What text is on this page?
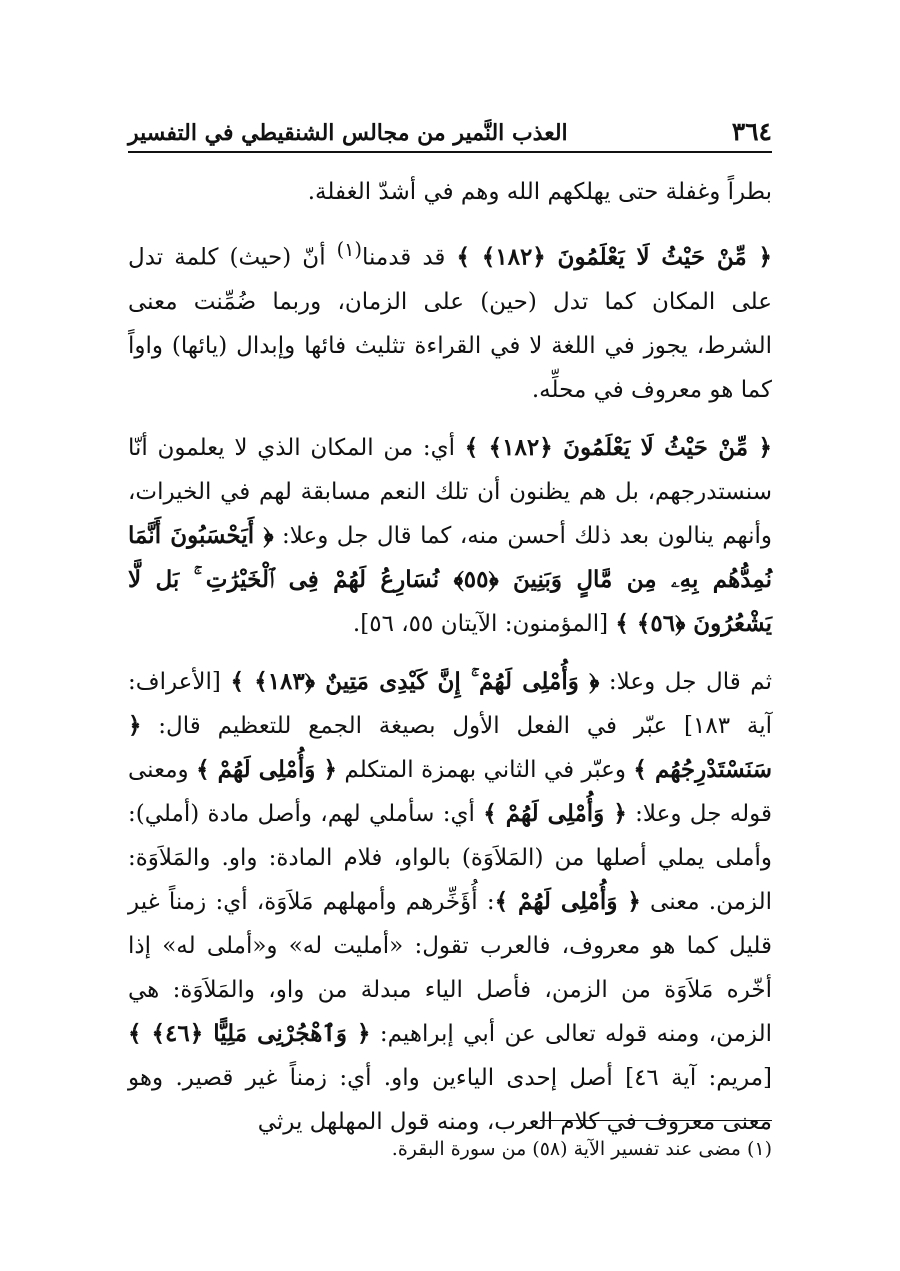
٣٦٤
العذب النَّمير من مجالس الشنقيطي في التفسير

بطراً وغفلة حتى يهلكهم الله وهم في أشدّ الغفلة.

﴿ مِّنْ حَيْثُ لَا يَعْلَمُونَ ﴿١٨٢﴾ ﴾ قد قدمنا$^{(١)}$ أنّ (حيث) كلمة تدل على المكان كما تدل (حين) على الزمان، وربما ضُمِّنت معنى الشرط، يجوز في اللغة لا في القراءة تثليث فائها وإبدال (يائها) واواً كما هو معروف في محلِّه.

﴿ مِّنْ حَيْثُ لَا يَعْلَمُونَ ﴿١٨٢﴾ ﴾ أي: من المكان الذي لا يعلمون أنّا سنستدرجهم، بل هم يظنون أن تلك النعم مسابقة لهم في الخيرات، وأنهم ينالون بعد ذلك أحسن منه، كما قال جل وعلا: ﴿ أَيَحْسَبُونَ أَنَّمَا نُمِدُّهُم بِهِۦ مِن مَّالٍ وَبَنِينَ ﴿٥٥﴾ نُسَارِعُ لَهُمْ فِى ٱلْخَيْرَٰتِ ۚ بَل لَّا يَشْعُرُونَ ﴿٥٦﴾ ﴾ [المؤمنون: الآيتان ٥٥، ٥٦].

ثم قال جل وعلا: ﴿ وَأُمْلِى لَهُمْ ۚ إِنَّ كَيْدِى مَتِينٌ ﴿١٨٣﴾ ﴾ [الأعراف: آية ١٨٣] عبّر في الفعل الأول بصيغة الجمع للتعظيم قال: ﴿ سَنَسْتَدْرِجُهُم ﴾ وعبّر في الثاني بهمزة المتكلم ﴿ وَأُمْلِى لَهُمْ ﴾ ومعنى قوله جل وعلا: ﴿ وَأُمْلِى لَهُمْ ﴾ أي: سأملي لهم، وأصل مادة (أملي): وأملى يملي أصلها من (المَلاَوَة) بالواو، فلام المادة: واو. والمَلاَوَة: الزمن. معنى ﴿ وَأُمْلِى لَهُمْ ﴾: أُؤَخِّرهم وأمهلهم مَلاَوَة، أي: زمناً غير قليل كما هو معروف، فالعرب تقول: «أمليت له» و«أملى له» إذا أخّره مَلاَوَة من الزمن، فأصل الياء مبدلة من واو، والمَلاَوَة: هي الزمن، ومنه قوله تعالى عن أبي إبراهيم: ﴿ وَٱهْجُرْنِى مَلِيًّا ﴿٤٦﴾ ﴾ [مريم: آية ٤٦] أصل إحدى الياءين واو. أي: زمناً غير قصير. وهو معنى معروف في كلام العرب، ومنه قول المهلهل يرثي

(١) مضى عند تفسير الآية (٥٨) من سورة البقرة.
